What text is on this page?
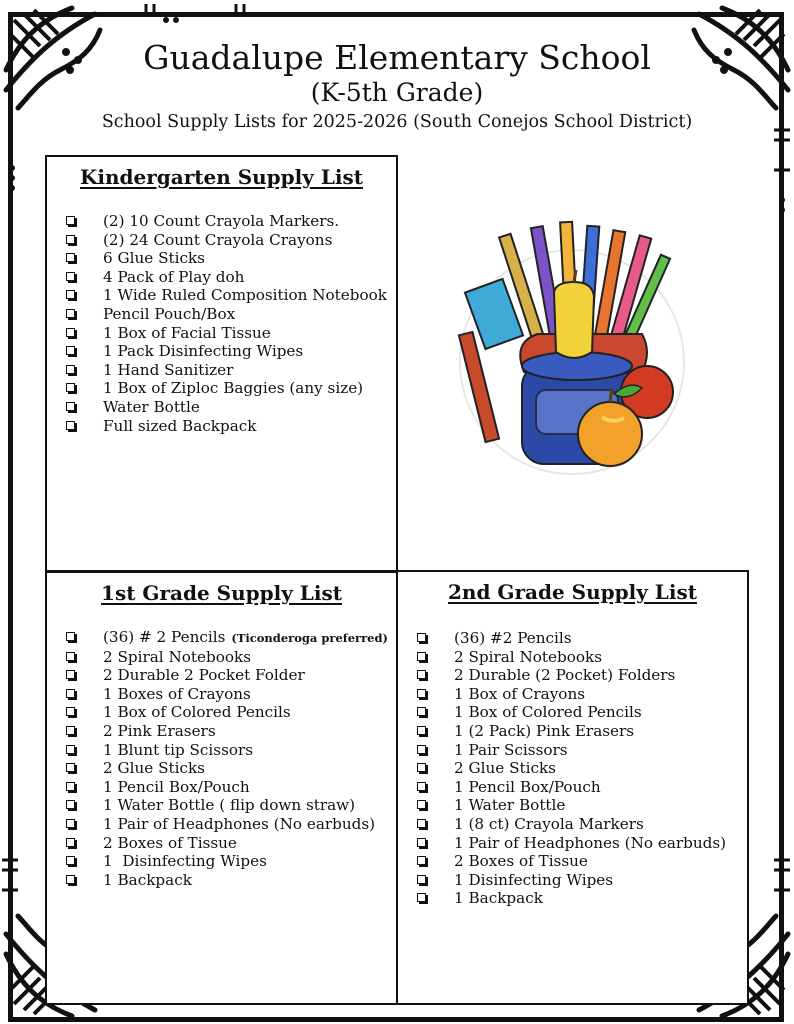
Guadalupe Elementary School
(K-5th Grade)
School Supply Lists for 2025-2026 (South Conejos School District)
Kindergarten Supply List
(2) 10 Count Crayola Markers.
(2) 24 Count Crayola Crayons
6 Glue Sticks
4 Pack of Play doh
1 Wide Ruled Composition Notebook
Pencil Pouch/Box
1 Box of Facial Tissue
1 Pack Disinfecting Wipes
1 Hand Sanitizer
1 Box of Ziploc Baggies (any size)
Water Bottle
Full sized Backpack
1st Grade Supply List
(36) # 2 Pencils (Ticonderoga preferred)
2 Spiral Notebooks
2 Durable 2 Pocket Folder
1 Boxes of Crayons
1 Box of Colored Pencils
2 Pink Erasers
1 Blunt tip Scissors
2 Glue Sticks
1 Pencil Box/Pouch
1 Water Bottle ( flip down straw)
1 Pair of Headphones (No earbuds)
2 Boxes of Tissue
1  Disinfecting Wipes
1 Backpack
2nd Grade Supply List
(36) #2 Pencils
2 Spiral Notebooks
2 Durable (2 Pocket) Folders
1 Box of Crayons
1 Box of Colored Pencils
1 (2 Pack) Pink Erasers
1 Pair Scissors
2 Glue Sticks
1 Pencil Box/Pouch
1 Water Bottle
1 (8 ct) Crayola Markers
1 Pair of Headphones (No earbuds)
2 Boxes of Tissue
1 Disinfecting Wipes
1 Backpack
